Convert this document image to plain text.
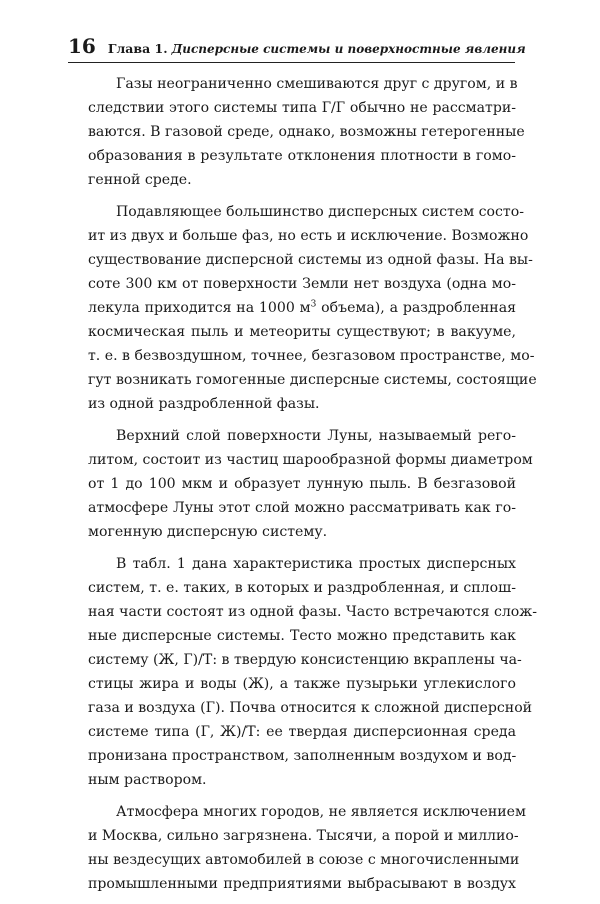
16 Глава 1. Дисперсные системы и поверхностные явления
Газы неограниченно смешиваются друг с другом, и в
следствии этого системы типа Г/Г обычно не рассматри-
ваются. В газовой среде, однако, возможны гетерогенные
образования в результате отклонения плотности в гомо-
генной среде.
Подавляющее большинство дисперсных систем состо-
ит из двух и больше фаз, но есть и исключение. Возможно
существование дисперсной системы из одной фазы. На вы-
соте 300 км от поверхности Земли нет воздуха (одна мо-
лекула приходится на 1000 $м^3$ объема), а раздробленная
космическая пыль и метеориты существуют; в вакууме,
т. е. в безвоздушном, точнее, безгазовом пространстве, мо-
гут возникать гомогенные дисперсные системы, состоящие
из одной раздробленной фазы.
Верхний слой поверхности Луны, называемый рего-
литом, состоит из частиц шарообразной формы диаметром
от 1 до 100 мкм и образует лунную пыль. В безгазовой
атмосфере Луны этот слой можно рассматривать как го-
могенную дисперсную систему.
В табл. 1 дана характеристика простых дисперсных
систем, т. е. таких, в которых и раздробленная, и сплош-
ная части состоят из одной фазы. Часто встречаются слож-
ные дисперсные системы. Тесто можно представить как
систему (Ж, Г)/Т: в твердую консистенцию вкраплены ча-
стицы жира и воды (Ж), а также пузырьки углекислого
газа и воздуха (Г). Почва относится к сложной дисперсной
системе типа (Г, Ж)/Т: ее твердая дисперсионная среда
пронизана пространством, заполненным воздухом и вод-
ным раствором.
Атмосфера многих городов, не является исключением
и Москва, сильно загрязнена. Тысячи, а порой и миллио-
ны вездесущих автомобилей в союзе с многочисленными
промышленными предприятиями выбрасывают в воздух
